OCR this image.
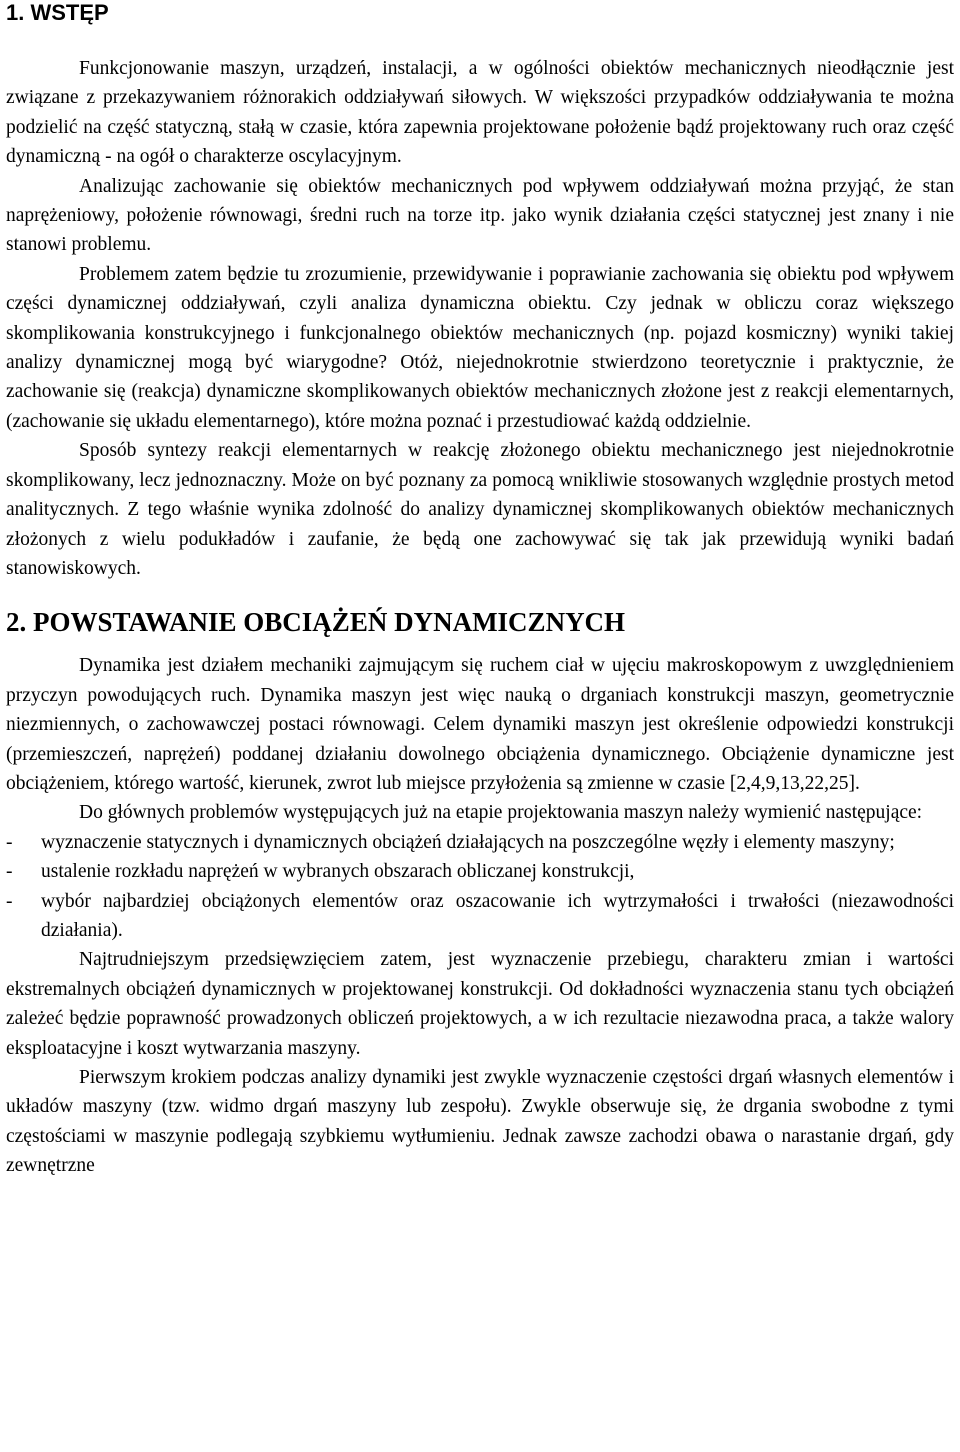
1. WSTĘP

Funkcjonowanie maszyn, urządzeń, instalacji, a w ogólności obiektów mechanicznych nieodłącznie jest związane z przekazywaniem różnorakich oddziaływań siłowych. W większości przypadków oddziaływania te można podzielić na część statyczną, stałą w czasie, która zapewnia projektowane położenie bądź projektowany ruch oraz część dynamiczną - na ogół o charakterze oscylacyjnym.

Analizując zachowanie się obiektów mechanicznych pod wpływem oddziaływań można przyjąć, że stan naprężeniowy, położenie równowagi, średni ruch na torze itp. jako wynik działania części statycznej jest znany i nie stanowi problemu.

Problemem zatem będzie tu zrozumienie, przewidywanie i poprawianie zachowania się obiektu pod wpływem części dynamicznej oddziaływań, czyli analiza dynamiczna obiektu. Czy jednak w obliczu coraz większego skomplikowania konstrukcyjnego i funkcjonalnego obiektów mechanicznych (np. pojazd kosmiczny) wyniki takiej analizy dynamicznej mogą być wiarygodne? Otóż, niejednokrotnie stwierdzono teoretycznie i praktycznie, że zachowanie się (reakcja) dynamiczne skomplikowanych obiektów mechanicznych złożone jest z reakcji elementarnych, (zachowanie się układu elementarnego), które można poznać i przestudiować każdą oddzielnie.

Sposób syntezy reakcji elementarnych w reakcję złożonego obiektu mechanicznego jest niejednokrotnie skomplikowany, lecz jednoznaczny. Może on być poznany za pomocą wnikliwie stosowanych względnie prostych metod analitycznych. Z tego właśnie wynika zdolność do analizy dynamicznej skomplikowanych obiektów mechanicznych złożonych z wielu podukładów i zaufanie, że będą one zachowywać się tak jak przewidują wyniki badań stanowiskowych.

2. POWSTAWANIE OBCIĄŻEŃ DYNAMICZNYCH

Dynamika jest działem mechaniki zajmującym się ruchem ciał w ujęciu makroskopowym z uwzględnieniem przyczyn powodujących ruch. Dynamika maszyn jest więc nauką o drganiach konstrukcji maszyn, geometrycznie niezmiennych, o zachowawczej postaci równowagi. Celem dynamiki maszyn jest określenie odpowiedzi konstrukcji (przemieszczeń, naprężeń) poddanej działaniu dowolnego obciążenia dynamicznego. Obciążenie dynamiczne jest obciążeniem, którego wartość, kierunek, zwrot lub miejsce przyłożenia są zmienne w czasie [2,4,9,13,22,25].

Do głównych problemów występujących już na etapie projektowania maszyn należy wymienić następujące:

- wyznaczenie statycznych i dynamicznych obciążeń działających na poszczególne węzły i elementy maszyny;
- ustalenie rozkładu naprężeń w wybranych obszarach obliczanej konstrukcji,
- wybór najbardziej obciążonych elementów oraz oszacowanie ich wytrzymałości i trwałości (niezawodności działania).

Najtrudniejszym przedsięwzięciem zatem, jest wyznaczenie przebiegu, charakteru zmian i wartości ekstremalnych obciążeń dynamicznych w projektowanej konstrukcji. Od dokładności wyznaczenia stanu tych obciążeń zależeć będzie poprawność prowadzonych obliczeń projektowych, a w ich rezultacie niezawodna praca, a także walory eksploatacyjne i koszt wytwarzania maszyny.

Pierwszym krokiem podczas analizy dynamiki jest zwykle wyznaczenie częstości drgań własnych elementów i układów maszyny (tzw. widmo drgań maszyny lub zespołu). Zwykle obserwuje się, że drgania swobodne z tymi częstościami w maszynie podlegają szybkiemu wytłumieniu. Jednak zawsze zachodzi obawa o narastanie drgań, gdy zewnętrzne
